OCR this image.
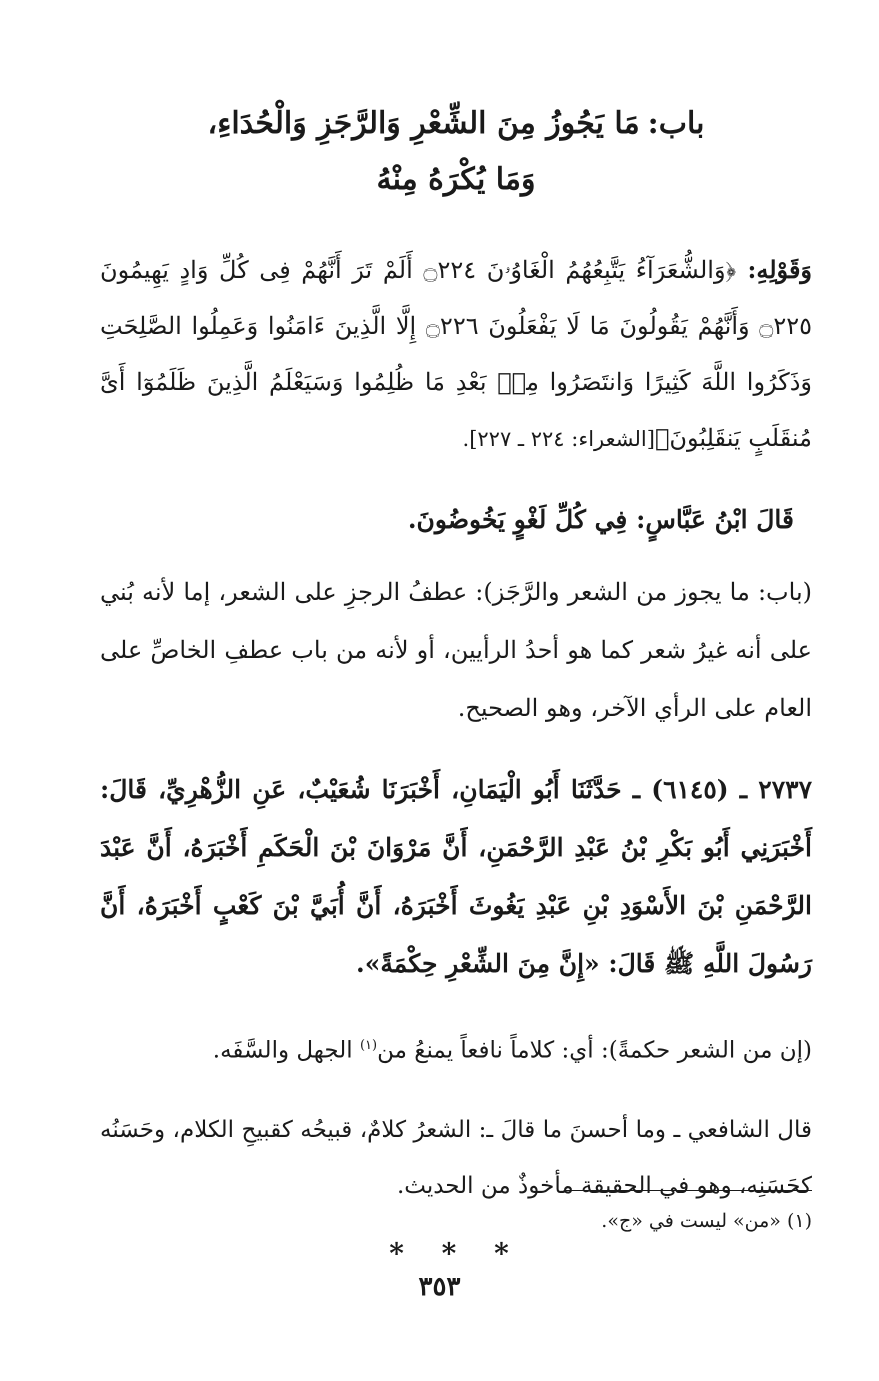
باب:مَا يَجُوزُ مِنَ الشِّعْرِ وَالرَّجَزِ وَالْحُدَاءِ،
وَمَا يُكْرَهُ مِنْهُ

وَقَوْلِهِ: ﴿وَالشُّعَرَآءُ يَتَّبِعُهُمُ الْغَاوُۥنَ ۝٢٢٤ أَلَمْ تَرَ أَنَّهُمْ فِى كُلِّ وَادٍ يَهِيمُونَ ۝٢٢٥ وَأَنَّهُمْ يَقُولُونَ مَا لَا يَفْعَلُونَ ۝٢٢٦ إِلَّا الَّذِينَ ءَامَنُوا وَعَمِلُوا الصَّلِحَتِ وَذَكَرُوا اللَّهَ كَثِيرًا وَانتَصَرُوا مِنۢ بَعْدِ مَا ظُلِمُوا وَسَيَعْلَمُ الَّذِينَ ظَلَمُوٓا أَىَّ مُنقَلَبٍ يَنقَلِبُونَ﴾[الشعراء: ٢٢٤ ـ ٢٢٧].

قَالَ ابْنُ عَبَّاسٍ: فِي كُلِّ لَغْوٍ يَخُوضُونَ.

(باب: ما يجوز من الشعر والرَّجَز): عطفُ الرجزِ على الشعر، إما لأنه بُني على أنه غيرُ شعر كما هو أحدُ الرأيين، أو لأنه من باب عطفِ الخاصِّ على العام على الرأي الآخر، وهو الصحيح.

٢٧٣٧ ـ (٦١٤٥) ـ حَدَّثَنَا أَبُو الْيَمَانِ، أَخْبَرَنَا شُعَيْبٌ، عَنِ الزُّهْرِيِّ، قَالَ: أَخْبَرَنِي أَبُو بَكْرِ بْنُ عَبْدِ الرَّحْمَنِ، أَنَّ مَرْوَانَ بْنَ الْحَكَمِ أَخْبَرَهُ، أَنَّ عَبْدَ الرَّحْمَنِ بْنَ الأَسْوَدِ بْنِ عَبْدِ يَغُوثَ أَخْبَرَهُ، أَنَّ أُبَيَّ بْنَ كَعْبٍ أَخْبَرَهُ، أَنَّ رَسُولَ اللَّهِ ﷺ قَالَ: «إِنَّ مِنَ الشِّعْرِ حِكْمَةً».

(إن من الشعر حكمةً): أي: كلاماً نافعاً يمنعُ من$^{(١)}$ الجهل والسَّفَه.

قال الشافعي ـ وما أحسنَ ما قالَ ـ: الشعرُ كلامٌ، قبيحُه كقبيحِ الكلام، وحَسَنُه كحَسَنِه، وهو في الحقيقة مأخوذٌ من الحديث.

* * *
(١) «من» ليست في «ج».
٣٥٣
